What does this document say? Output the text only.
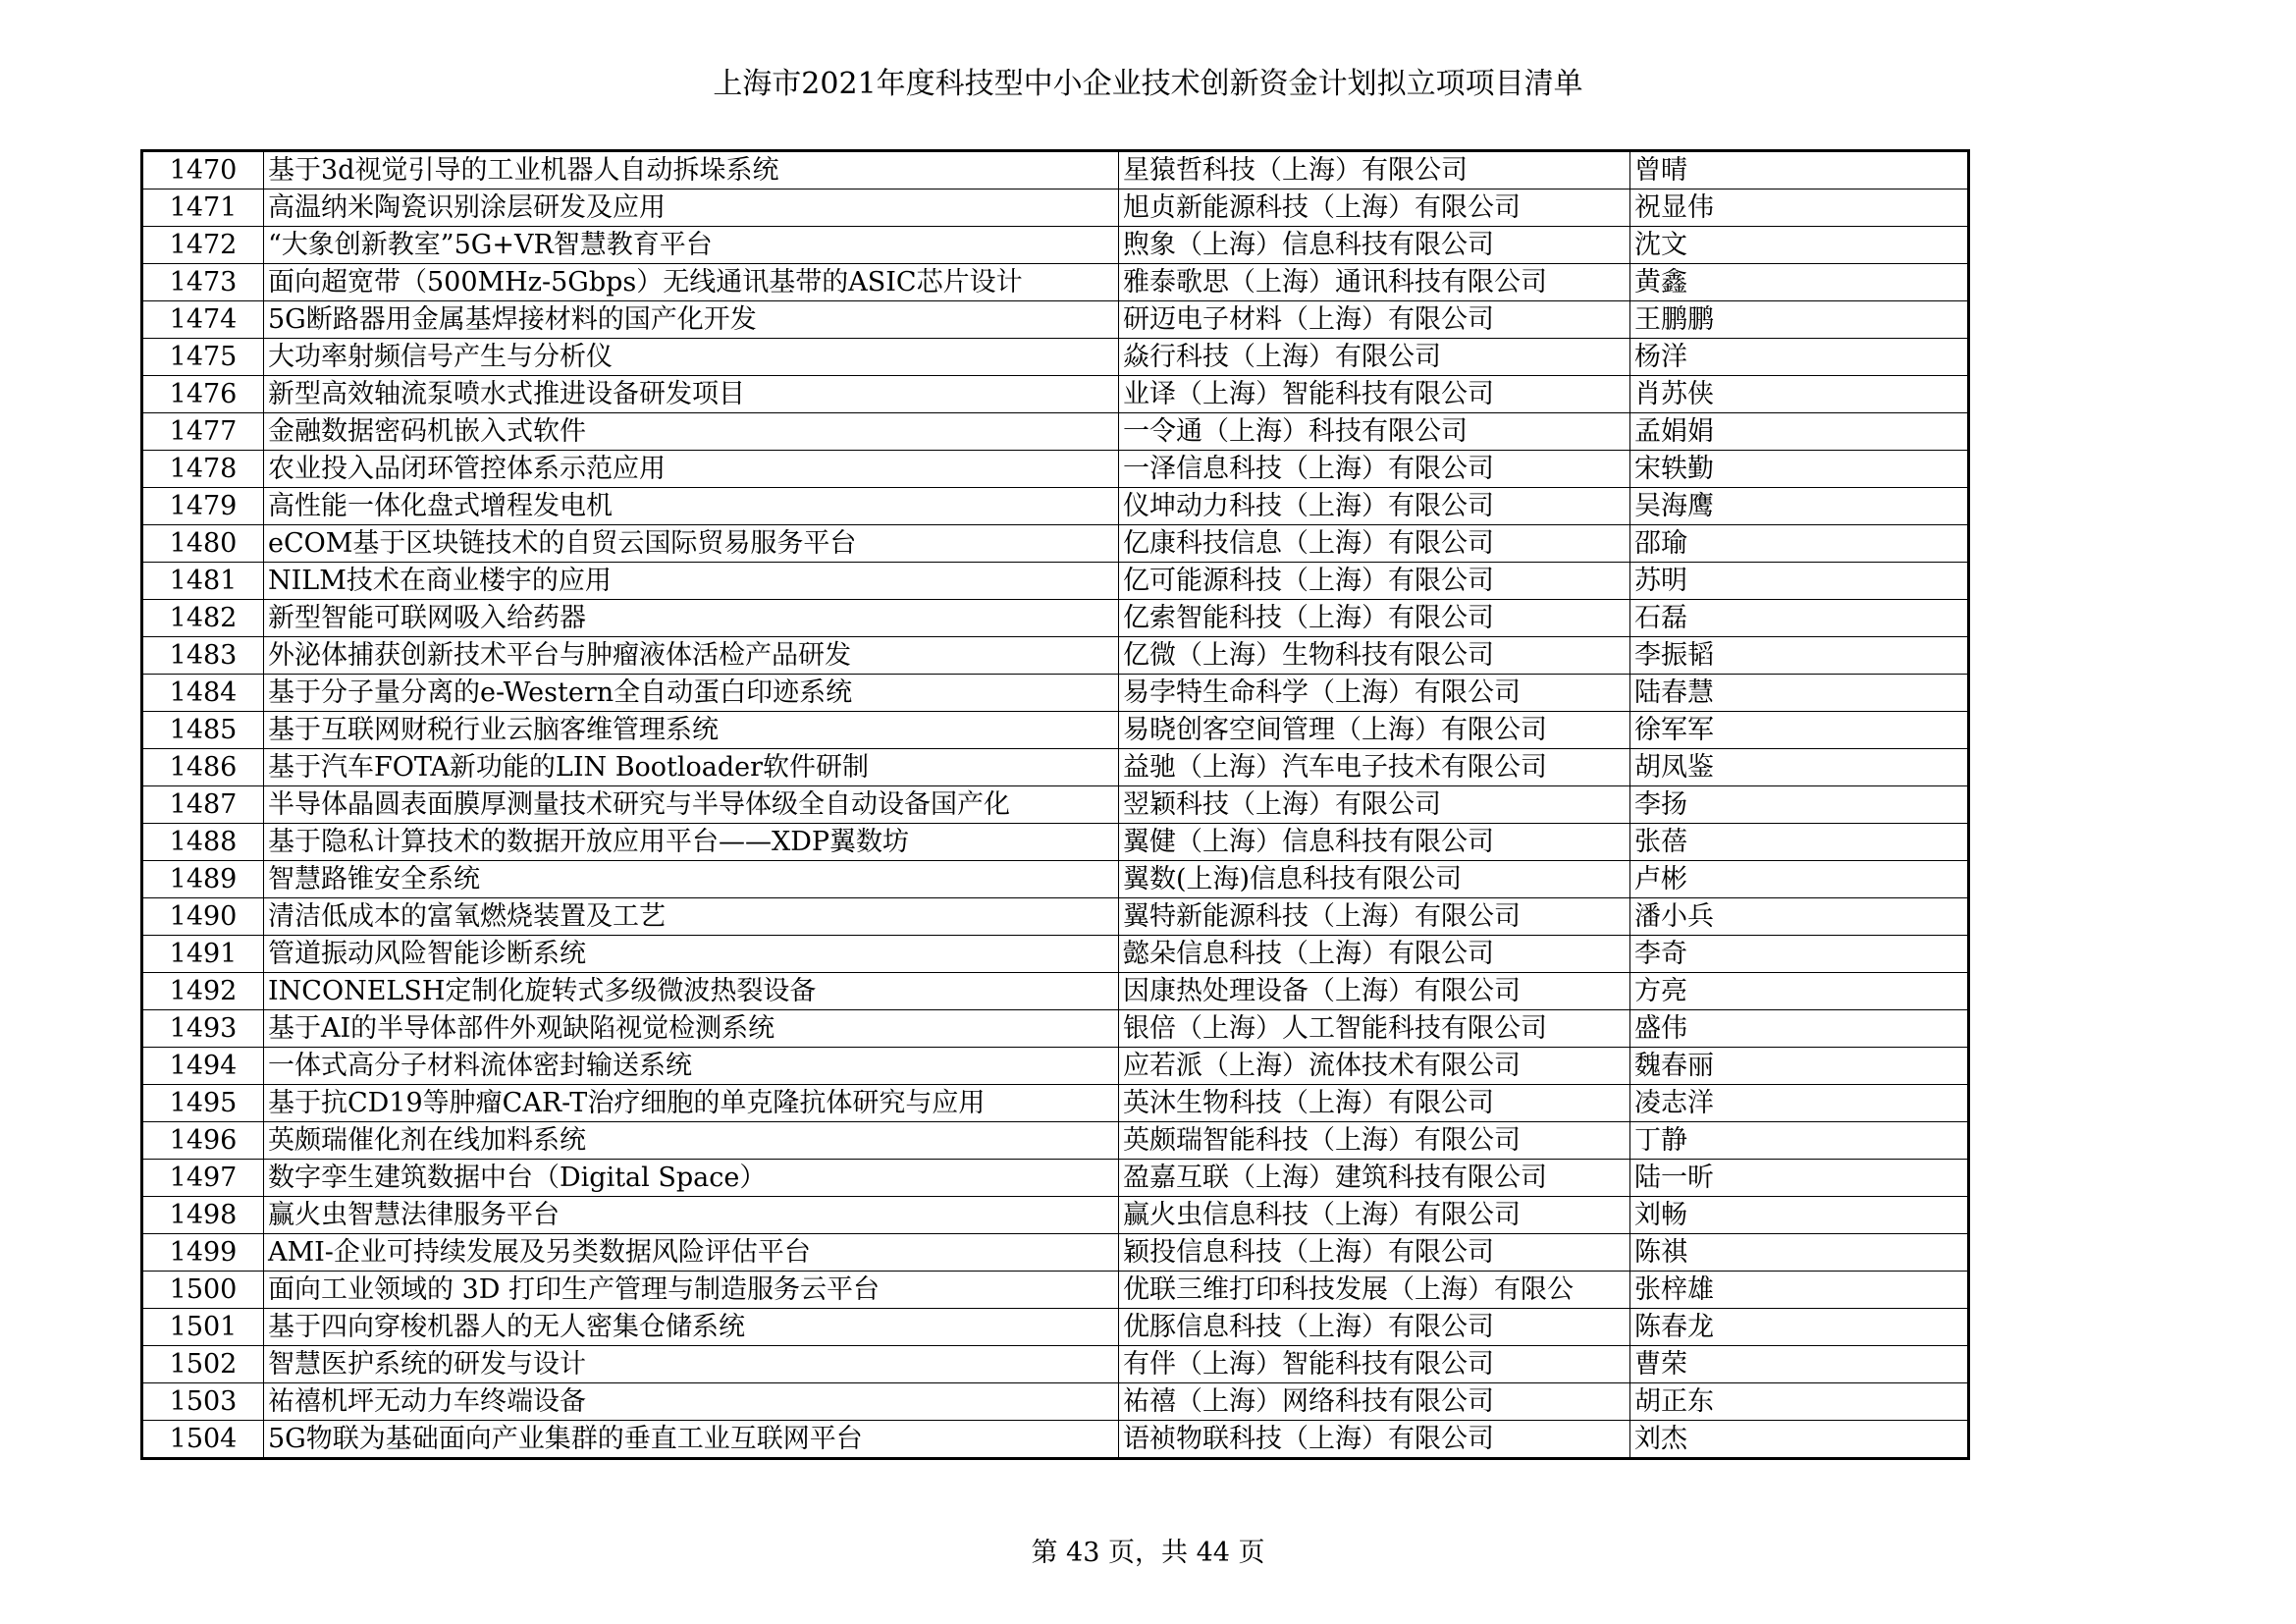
上海市2021年度科技型中小企业技术创新资金计划拟立项项目清单
1470	基于3d视觉引导的工业机器人自动拆垛系统	星猿哲科技（上海）有限公司	曾晴
1471	高温纳米陶瓷识别涂层研发及应用	旭贞新能源科技（上海）有限公司	祝显伟
1472	“大象创新教室”5G+VR智慧教育平台	煦象（上海）信息科技有限公司	沈文
1473	面向超宽带（500MHz-5Gbps）无线通讯基带的ASIC芯片设计	雅泰歌思（上海）通讯科技有限公司	黄鑫
1474	5G断路器用金属基焊接材料的国产化开发	研迈电子材料（上海）有限公司	王鹏鹏
1475	大功率射频信号产生与分析仪	焱行科技（上海）有限公司	杨洋
1476	新型高效轴流泵喷水式推进设备研发项目	业译（上海）智能科技有限公司	肖苏侠
1477	金融数据密码机嵌入式软件	一令通（上海）科技有限公司	孟娟娟
1478	农业投入品闭环管控体系示范应用	一泽信息科技（上海）有限公司	宋轶勤
1479	高性能一体化盘式增程发电机	仪坤动力科技（上海）有限公司	吴海鹰
1480	eCOM基于区块链技术的自贸云国际贸易服务平台	亿康科技信息（上海）有限公司	邵瑜
1481	NILM技术在商业楼宇的应用	亿可能源科技（上海）有限公司	苏明
1482	新型智能可联网吸入给药器	亿索智能科技（上海）有限公司	石磊
1483	外泌体捕获创新技术平台与肿瘤液体活检产品研发	亿微（上海）生物科技有限公司	李振韬
1484	基于分子量分离的e-Western全自动蛋白印迹系统	易孛特生命科学（上海）有限公司	陆春慧
1485	基于互联网财税行业云脑客维管理系统	易晓创客空间管理（上海）有限公司	徐军军
1486	基于汽车FOTA新功能的LIN Bootloader软件研制	益驰（上海）汽车电子技术有限公司	胡凤鉴
1487	半导体晶圆表面膜厚测量技术研究与半导体级全自动设备国产化	翌颖科技（上海）有限公司	李扬
1488	基于隐私计算技术的数据开放应用平台——XDP翼数坊	翼健（上海）信息科技有限公司	张蓓
1489	智慧路锥安全系统	翼数(上海)信息科技有限公司	卢彬
1490	清洁低成本的富氧燃烧装置及工艺	翼特新能源科技（上海）有限公司	潘小兵
1491	管道振动风险智能诊断系统	懿朵信息科技（上海）有限公司	李奇
1492	INCONELSH定制化旋转式多级微波热裂设备	因康热处理设备（上海）有限公司	方亮
1493	基于AI的半导体部件外观缺陷视觉检测系统	银倍（上海）人工智能科技有限公司	盛伟
1494	一体式高分子材料流体密封输送系统	应若派（上海）流体技术有限公司	魏春丽
1495	基于抗CD19等肿瘤CAR-T治疗细胞的单克隆抗体研究与应用	英沐生物科技（上海）有限公司	凌志洋
1496	英颇瑞催化剂在线加料系统	英颇瑞智能科技（上海）有限公司	丁静
1497	数字孪生建筑数据中台（Digital Space）	盈嘉互联（上海）建筑科技有限公司	陆一昕
1498	赢火虫智慧法律服务平台	赢火虫信息科技（上海）有限公司	刘畅
1499	AMI-企业可持续发展及另类数据风险评估平台	颖投信息科技（上海）有限公司	陈祺
1500	面向工业领域的 3D 打印生产管理与制造服务云平台	优联三维打印科技发展（上海）有限公	张梓雄
1501	基于四向穿梭机器人的无人密集仓储系统	优豚信息科技（上海）有限公司	陈春龙
1502	智慧医护系统的研发与设计	有伴（上海）智能科技有限公司	曹荣
1503	祐禧机坪无动力车终端设备	祐禧（上海）网络科技有限公司	胡正东
1504	5G物联为基础面向产业集群的垂直工业互联网平台	语祯物联科技（上海）有限公司	刘杰
第 43 页，共 44 页
